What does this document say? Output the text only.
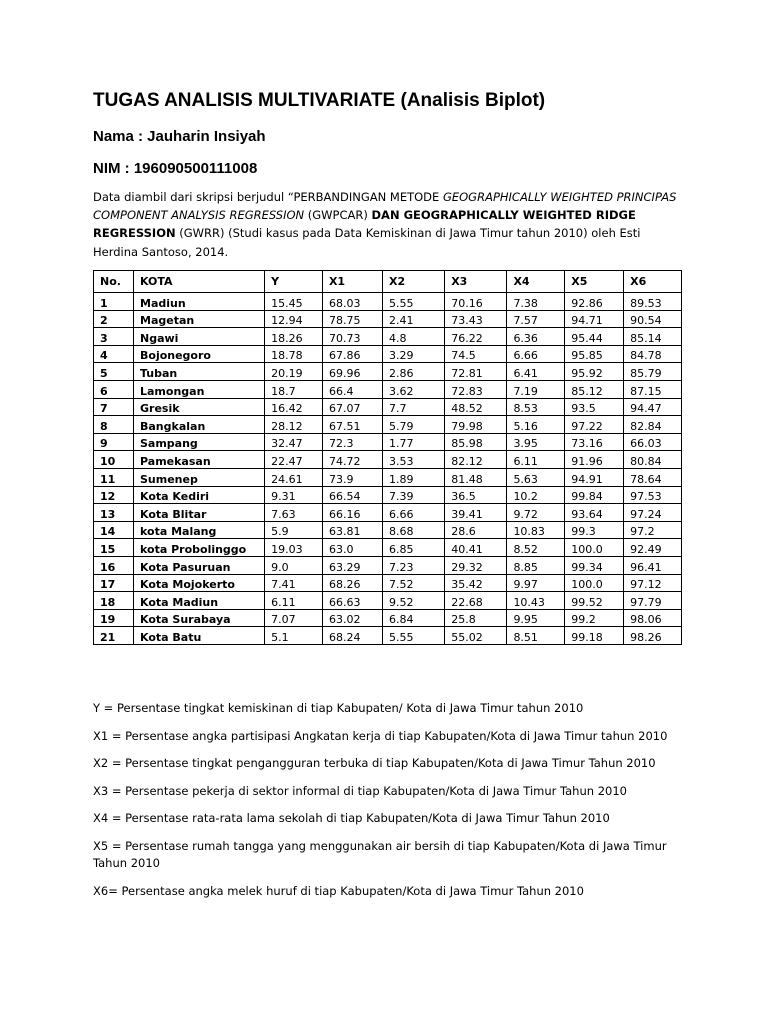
TUGAS ANALISIS MULTIVARIATE (Analisis Biplot)
Nama : Jauharin Insiyah
NIM : 196090500111008
Data diambil dari skripsi berjudul “PERBANDINGAN METODE GEOGRAPHICALLY WEIGHTED PRINCIPAS COMPONENT ANALYSIS REGRESSION (GWPCAR) DAN GEOGRAPHICALLY WEIGHTED RIDGE REGRESSION (GWRR) (Studi kasus pada Data Kemiskinan di Jawa Timur tahun 2010) oleh Esti Herdina Santoso, 2014.
No.	KOTA	Y	X1	X2	X3	X4	X5	X6
1	Madiun	15.45	68.03	5.55	70.16	7.38	92.86	89.53
2	Magetan	12.94	78.75	2.41	73.43	7.57	94.71	90.54
3	Ngawi	18.26	70.73	4.8	76.22	6.36	95.44	85.14
4	Bojonegoro	18.78	67.86	3.29	74.5	6.66	95.85	84.78
5	Tuban	20.19	69.96	2.86	72.81	6.41	95.92	85.79
6	Lamongan	18.7	66.4	3.62	72.83	7.19	85.12	87.15
7	Gresik	16.42	67.07	7.7	48.52	8.53	93.5	94.47
8	Bangkalan	28.12	67.51	5.79	79.98	5.16	97.22	82.84
9	Sampang	32.47	72.3	1.77	85.98	3.95	73.16	66.03
10	Pamekasan	22.47	74.72	3.53	82.12	6.11	91.96	80.84
11	Sumenep	24.61	73.9	1.89	81.48	5.63	94.91	78.64
12	Kota Kediri	9.31	66.54	7.39	36.5	10.2	99.84	97.53
13	Kota Blitar	7.63	66.16	6.66	39.41	9.72	93.64	97.24
14	kota Malang	5.9	63.81	8.68	28.6	10.83	99.3	97.2
15	kota Probolinggo	19.03	63.0	6.85	40.41	8.52	100.0	92.49
16	Kota Pasuruan	9.0	63.29	7.23	29.32	8.85	99.34	96.41
17	Kota Mojokerto	7.41	68.26	7.52	35.42	9.97	100.0	97.12
18	Kota Madiun	6.11	66.63	9.52	22.68	10.43	99.52	97.79
19	Kota Surabaya	7.07	63.02	6.84	25.8	9.95	99.2	98.06
21	Kota Batu	5.1	68.24	5.55	55.02	8.51	99.18	98.26

Y = Persentase tingkat kemiskinan di tiap Kabupaten/ Kota di Jawa Timur tahun 2010

X1 = Persentase angka partisipasi Angkatan kerja di tiap Kabupaten/Kota di Jawa Timur tahun 2010

X2 = Persentase tingkat pengangguran terbuka di tiap Kabupaten/Kota di Jawa Timur Tahun 2010

X3 = Persentase pekerja di sektor informal di tiap Kabupaten/Kota di Jawa Timur Tahun 2010

X4 = Persentase rata-rata lama sekolah di tiap Kabupaten/Kota di Jawa Timur Tahun 2010

X5 = Persentase rumah tangga yang menggunakan air bersih di tiap Kabupaten/Kota di Jawa Timur Tahun 2010

X6= Persentase angka melek huruf di tiap Kabupaten/Kota di Jawa Timur Tahun 2010
